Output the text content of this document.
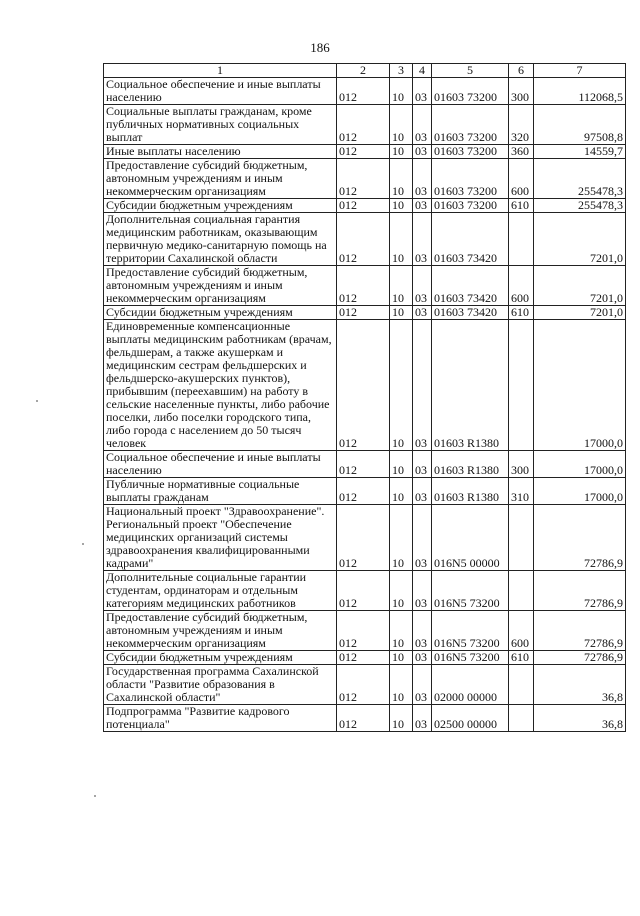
186
1	2	3	4	5	6	7
Социальное обеспечение и иные выплаты населению	012	10	03	01603 73200	300	112068,5
Социальные выплаты гражданам, кроме публичных нормативных социальных выплат	012	10	03	01603 73200	320	97508,8
Иные выплаты населению	012	10	03	01603 73200	360	14559,7
Предоставление субсидий бюджетным, автономным учреждениям и иным некоммерческим организациям	012	10	03	01603 73200	600	255478,3
Субсидии бюджетным учреждениям	012	10	03	01603 73200	610	255478,3
Дополнительная социальная гарантия медицинским работникам, оказывающим первичную медико-санитарную помощь на территории Сахалинской области	012	10	03	01603 73420		7201,0
Предоставление субсидий бюджетным, автономным учреждениям и иным некоммерческим организациям	012	10	03	01603 73420	600	7201,0
Субсидии бюджетным учреждениям	012	10	03	01603 73420	610	7201,0
Единовременные компенсационные выплаты медицинским работникам (врачам, фельдшерам, а также акушеркам и медицинским сестрам фельдшерских и фельдшерско-акушерских пунктов), прибывшим (переехавшим) на работу в сельские населенные пункты, либо рабочие поселки, либо поселки городского типа, либо города с населением до 50 тысяч человек	012	10	03	01603 R1380		17000,0
Социальное обеспечение и иные выплаты населению	012	10	03	01603 R1380	300	17000,0
Публичные нормативные социальные выплаты гражданам	012	10	03	01603 R1380	310	17000,0
Национальный проект "Здравоохранение". Региональный проект "Обеспечение медицинских организаций системы здравоохранения квалифицированными кадрами"	012	10	03	016N5 00000		72786,9
Дополнительные социальные гарантии студентам, ординаторам и отдельным категориям медицинских работников	012	10	03	016N5 73200		72786,9
Предоставление субсидий бюджетным, автономным учреждениям и иным некоммерческим организациям	012	10	03	016N5 73200	600	72786,9
Субсидии бюджетным учреждениям	012	10	03	016N5 73200	610	72786,9
Государственная программа Сахалинской области "Развитие образования в Сахалинской области"	012	10	03	02000 00000		36,8
Подпрограмма "Развитие кадрового потенциала"	012	10	03	02500 00000		36,8
